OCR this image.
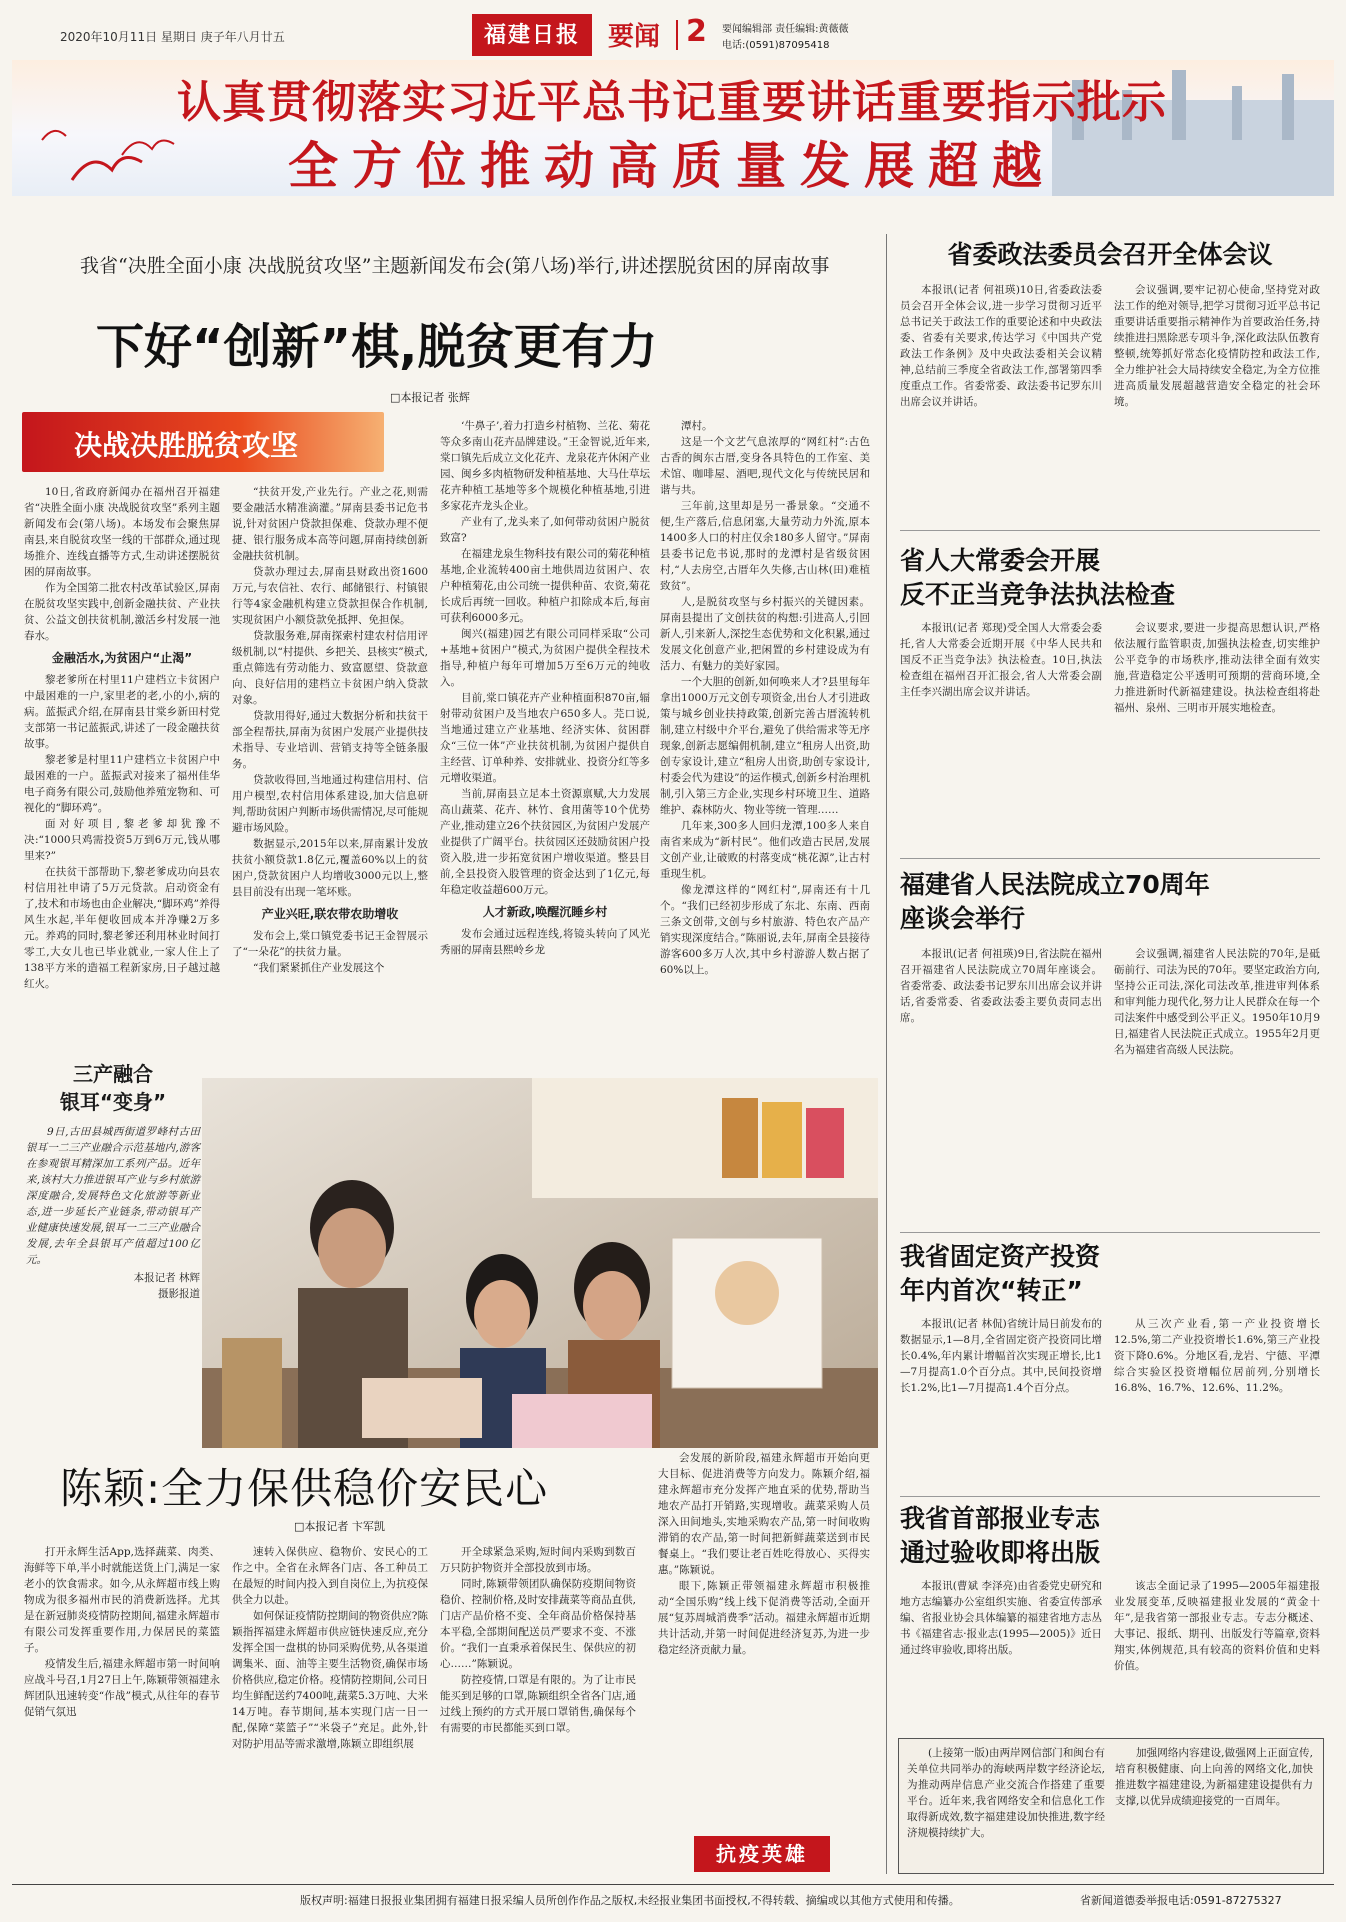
2020年10月11日 星期日 庚子年八月廿五	福建日报	要闻 2 要闻编辑部 责任编辑:黄薇薇
电话:(0591)87095418
认真贯彻落实习近平总书记重要讲话重要指示批示
全方位推动高质量发展超越
我省“决胜全面小康 决战脱贫攻坚”主题新闻发布会(第八场)举行,讲述摆脱贫困的屏南故事
下好“创新”棋,脱贫更有力
□本报记者 张辉
决战决胜脱贫攻坚

10日,省政府新闻办在福州召开福建省“决胜全面小康 决战脱贫攻坚”系列主题新闻发布会(第八场)。本场发布会聚焦屏南县,来自脱贫攻坚一线的干部群众,通过现场推介、连线直播等方式,生动讲述摆脱贫困的屏南故事。

作为全国第二批农村改革试验区,屏南在脱贫攻坚实践中,创新金融扶贫、产业扶贫、公益文创扶贫机制,激活乡村发展一池春水。

金融活水,为贫困户“止渴”

黎老爹所在村里11户建档立卡贫困户中最困难的一户,家里老的老,小的小,病的病。蓝振武介绍,在屏南县甘棠乡新田村党支部第一书记蓝振武,讲述了一段金融扶贫故事。

黎老爹是村里11户建档立卡贫困户中最困难的一户。蓝振武对接来了福州佳华电子商务有限公司,鼓励他养殖宠物和、可视化的“脚环鸡”。

面对好项目,黎老爹却犹豫不决:“1000只鸡需投资5万到6万元,钱从哪里来?”

在扶贫干部帮助下,黎老爹成功向县农村信用社申请了5万元贷款。启动资金有了,技术和市场也由企业解决,“脚环鸡”养得风生水起,半年便收回成本并净赚2万多元。养鸡的同时,黎老爹还利用林业时间打零工,大女儿也已毕业就业,一家人住上了138平方米的造福工程新家房,日子越过越红火。

“扶贫开发,产业先行。产业之花,则需要金融活水精准滴灌。”屏南县委书记危书说,针对贫困户贷款担保难、贷款办理不便捷、银行服务成本高等问题,屏南持续创新金融扶贫机制。

贷款办理过去,屏南县财政出资1600万元,与农信社、农行、邮储银行、村镇银行等4家金融机构建立贷款担保合作机制,实现贫困户小额贷款免抵押、免担保。

贷款服务难,屏南探索村建农村信用评级机制,以“村提供、乡把关、县核实”模式,重点筛选有劳动能力、致富愿望、贷款意向、良好信用的建档立卡贫困户纳入贷款对象。

贷款用得好,通过大数据分析和扶贫干部全程帮扶,屏南为贫困户发展产业提供技术指导、专业培训、营销支持等全链条服务。

贷款收得回,当地通过构建信用村、信用户模型,农村信用体系建设,加大信息研判,帮助贫困户判断市场供需情况,尽可能规避市场风险。

数据显示,2015年以来,屏南累计发放扶贫小额贷款1.8亿元,覆盖60%以上的贫困户,贷款贫困户人均增收3000元以上,整县目前没有出现一笔坏账。

产业兴旺,联农带农助增收

发布会上,棠口镇党委书记王金智展示了“一朵花”的扶贫力量。

“我们紧紧抓住产业发展这个

‘牛鼻子’,着力打造乡村植物、兰花、菊花等众多南山花卉品牌建设。”王金智说,近年来,棠口镇先后成立文化花卉、龙泉花卉休闲产业园、闽乡多肉植物研发种植基地、大马仕草坛花卉种植工基地等多个规模化种植基地,引进多家花卉龙头企业。

产业有了,龙头来了,如何带动贫困户脱贫致富?

在福建龙泉生物科技有限公司的菊花种植基地,企业流转400亩土地供周边贫困户、农户种植菊花,由公司统一提供种苗、农资,菊花长成后再统一回收。种植户扣除成本后,每亩可获利6000多元。

闽兴(福建)园艺有限公司同样采取“公司+基地+贫困户”模式,为贫困户提供全程技术指导,种植户每年可增加5万至6万元的纯收入。

目前,棠口镇花卉产业种植面积870亩,辐射带动贫困户及当地农户650多人。芫口说,当地通过建立产业基地、经济实体、贫困群众“三位一体”产业扶贫机制,为贫困户提供自主经营、订单种养、安排就业、投资分红等多元增收渠道。

当前,屏南县立足本土资源禀赋,大力发展高山蔬菜、花卉、林竹、食用菌等10个优势产业,推动建立26个扶贫园区,为贫困户发展产业提供了广阔平台。扶贫园区还鼓励贫困户投资入股,进一步拓宽贫困户增收渠道。整县目前,全县投资入股管理的资金达到了1亿元,每年稳定收益超600万元。

人才新政,唤醒沉睡乡村

发布会通过远程连线,将镜头转向了风光秀丽的屏南县熙岭乡龙

潭村。

这是一个文艺气息浓厚的“网红村”:古色古香的闽东古厝,变身各具特色的工作室、美术馆、咖啡屋、酒吧,现代文化与传统民居和谐与共。

三年前,这里却是另一番景象。“交通不便,生产落后,信息闭塞,大量劳动力外流,原本1400多人口的村庄仅余180多人留守。”屏南县委书记危书说,那时的龙潭村是省级贫困村,“人去房空,古厝年久失修,古山林(田)难植致贫”。

人,是脱贫攻坚与乡村振兴的关键因素。屏南县提出了文创扶贫的构想:引进高人,引回新人,引来新人,深挖生态优势和文化积累,通过发展文化创意产业,把闲置的乡村建设成为有活力、有魅力的美好家园。

一个大胆的创新,如何唤来人才?县里每年拿出1000万元文创专项资金,出台人才引进政策与城乡创业扶持政策,创新完善古厝流转机制,建立村级中介平台,避免了供给需求等无序现象,创新志愿编佣机制,建立“租房人出资,助创专家设计,建立“租房人出资,助创专家设计,村委会代为建设”的运作模式,创新乡村治理机制,引入第三方企业,实现乡村环境卫生、道路维护、森林防火、物业等统一管理……

几年来,300多人回归龙潭,100多人来自南省来成为“新村民”。他们改造古民居,发展文创产业,让破败的村落变成“桃花源”,让古村重现生机。

像龙潭这样的“网红村”,屏南还有十几个。“我们已经初步形成了东北、东南、西南三条文创带,文创与乡村旅游、特色农产品产销实现深度结合。”陈丽说,去年,屏南全县接待游客600多万人次,其中乡村游游人数占据了60%以上。

三产融合
银耳“变身”
9日,古田县城西街道罗峰村古田银耳一二三产业融合示范基地内,游客在参观银耳精深加工系列产品。近年来,该村大力推进银耳产业与乡村旅游深度融合,发展特色文化旅游等新业态,进一步延长产业链条,带动银耳产业健康快速发展,银耳一二三产业融合发展,去年全县银耳产值超过100亿元。
本报记者 林辉
摄影报道
陈颖:全力保供稳价安民心
□本报记者 卞军凯

打开永辉生活App,选择蔬菜、肉类、海鲜等下单,半小时就能送货上门,满足一家老小的饮食需求。如今,从永辉超市线上购物成为很多福州市民的消费新选择。尤其是在新冠肺炎疫情防控期间,福建永辉超市有限公司发挥重要作用,力保居民的菜篮子。

疫情发生后,福建永辉超市第一时间响应战斗号召,1月27日上午,陈颖带领福建永辉团队迅速转变“作战”模式,从往年的春节促销气氛迅

速转入保供应、稳物价、安民心的工作之中。全省在永辉各门店、各工种员工在最短的时间内投入到自岗位上,为抗疫保供全力以赴。

如何保证疫情防控期间的物资供应?陈颖指挥福建永辉超市供应链快速反应,充分发挥全国一盘棋的协同采购优势,从各渠道调集米、面、油等主要生活物资,确保市场价格供应,稳定价格。疫情防控期间,公司日均生鲜配送约7400吨,蔬菜5.3万吨、大米14万吨。春节期间,基本实现门店一日一配,保障“菜篮子”“米袋子”充足。此外,针对防护用品等需求激增,陈颖立即组织展

开全球紧急采购,短时间内采购到数百万只防护物资并全部投放到市场。

同时,陈颖带领团队确保防疫期间物资稳价、控制价格,及时安排蔬菜等商品直供,门店产品价格不变、全年商品价格保持基本平稳,全部期间配送员严要求不变、不涨价。“我们一直秉承着保民生、保供应的初心……”陈颖说。

防控疫情,口罩是有限的。为了让市民能买到足够的口罩,陈颖组织全省各门店,通过线上预约的方式开展口罩销售,确保每个有需要的市民都能买到口罩。

会发展的新阶段,福建永辉超市开始向更大目标、促进消费等方向发力。陈颖介绍,福建永辉超市充分发挥产地直采的优势,帮助当地农产品打开销路,实现增收。蔬菜采购人员深入田间地头,实地采购农产品,第一时间收购滞销的农产品,第一时间把新鲜蔬菜送到市民餐桌上。“我们要让老百姓吃得放心、买得实惠。”陈颖说。

眼下,陈颖正带领福建永辉超市积极推动“全国乐购”线上线下促消费等活动,全面开展“复苏周城消费季”活动。福建永辉超市近期共计活动,并第一时间促进经济复苏,为进一步稳定经济贡献力量。

抗疫英雄
省委政法委员会召开全体会议

本报讯(记者 何祖瑛)10日,省委政法委员会召开全体会议,进一步学习贯彻习近平总书记关于政法工作的重要论述和中央政法委、省委有关要求,传达学习《中国共产党政法工作条例》及中央政法委相关会议精神,总结前三季度全省政法工作,部署第四季度重点工作。省委常委、政法委书记罗东川出席会议并讲话。

会议强调,要牢记初心使命,坚持党对政法工作的绝对领导,把学习贯彻习近平总书记重要讲话重要指示精神作为首要政治任务,持续推进扫黑除恶专项斗争,深化政法队伍教育整顿,统筹抓好常态化疫情防控和政法工作,全力维护社会大局持续安全稳定,为全方位推进高质量发展超越营造安全稳定的社会环境。

省人大常委会开展
反不正当竞争法执法检查

本报讯(记者 郑现)受全国人大常委会委托,省人大常委会近期开展《中华人民共和国反不正当竞争法》执法检查。10日,执法检查组在福州召开汇报会,省人大常委会副主任李兴湖出席会议并讲话。

会议要求,要进一步提高思想认识,严格依法履行监管职责,加强执法检查,切实维护公平竞争的市场秩序,推动法律全面有效实施,营造稳定公平透明可预期的营商环境,全力推进新时代新福建建设。执法检查组将赴福州、泉州、三明市开展实地检查。

福建省人民法院成立70周年
座谈会举行

本报讯(记者 何祖瑛)9日,省法院在福州召开福建省人民法院成立70周年座谈会。省委常委、政法委书记罗东川出席会议并讲话,省委常委、省委政法委主要负责同志出席。

会议强调,福建省人民法院的70年,是砥砺前行、司法为民的70年。要坚定政治方向,坚持公正司法,深化司法改革,推进审判体系和审判能力现代化,努力让人民群众在每一个司法案件中感受到公平正义。1950年10月9日,福建省人民法院正式成立。1955年2月更名为福建省高级人民法院。

我省固定资产投资
年内首次“转正”

本报讯(记者 林侃)省统计局日前发布的数据显示,1—8月,全省固定资产投资同比增长0.4%,年内累计增幅首次实现正增长,比1—7月提高1.0个百分点。其中,民间投资增长1.2%,比1—7月提高1.4个百分点。

从三次产业看,第一产业投资增长12.5%,第二产业投资增长1.6%,第三产业投资下降0.6%。分地区看,龙岩、宁德、平潭综合实验区投资增幅位居前列,分别增长16.8%、16.7%、12.6%、11.2%。

我省首部报业专志
通过验收即将出版

本报讯(曹斌 李泽亮)由省委党史研究和地方志编纂办公室组织实施、省委宣传部承编、省报业协会具体编纂的福建省地方志丛书《福建省志·报业志(1995—2005)》近日通过终审验收,即将出版。

该志全面记录了1995—2005年福建报业发展变革,反映福建报业发展的“黄金十年”,是我省第一部报业专志。专志分概述、大事记、报纸、期刊、出版发行等篇章,资料翔实,体例规范,具有较高的资料价值和史料价值。

(上接第一版)由两岸网信部门和闽台有关单位共同举办的海峡两岸数字经济论坛,为推动两岸信息产业交流合作搭建了重要平台。近年来,我省网络安全和信息化工作取得新成效,数字福建建设加快推进,数字经济规模持续扩大。

加强网络内容建设,做强网上正面宣传,培育积极健康、向上向善的网络文化,加快推进数字福建建设,为新福建建设提供有力支撑,以优异成绩迎接党的一百周年。

版权声明:福建日报报业集团拥有福建日报采编人员所创作作品之版权,未经报业集团书面授权,不得转载、摘编或以其他方式使用和传播。	省新闻道德委举报电话:0591-87275327
